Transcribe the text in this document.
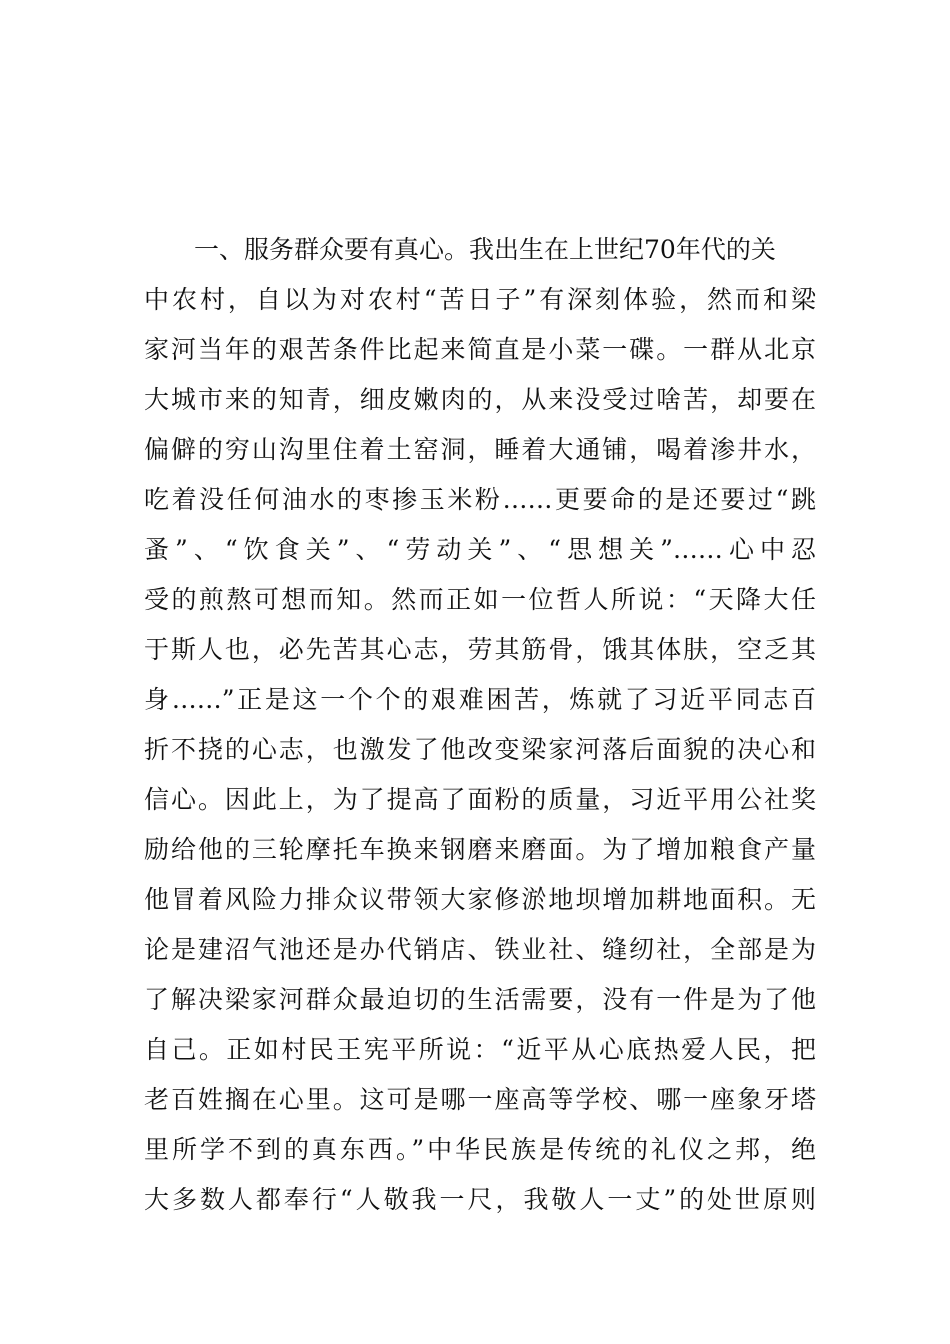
　　一、服务群众要有真心。我出生在上世纪70年代的关
中农村，自以为对农村“苦日子”有深刻体验，然而和梁
家河当年的艰苦条件比起来简直是小菜一碟。一群从北京
大城市来的知青，细皮嫩肉的，从来没受过啥苦，却要在
偏僻的穷山沟里住着土窑洞，睡着大通铺，喝着渗井水，
吃着没任何油水的枣掺玉米粉……更要命的是还要过“跳
蚤”、“饮食关”、“劳动关”、“思想关”……心中忍
受的煎熬可想而知。然而正如一位哲人所说：“天降大任
于斯人也，必先苦其心志，劳其筋骨，饿其体肤，空乏其
身……”正是这一个个的艰难困苦，炼就了习近平同志百
折不挠的心志，也激发了他改变梁家河落后面貌的决心和
信心。因此上，为了提高了面粉的质量，习近平用公社奖
励给他的三轮摩托车换来钢磨来磨面。为了增加粮食产量
他冒着风险力排众议带领大家修淤地坝增加耕地面积。无
论是建沼气池还是办代销店、铁业社、缝纫社，全部是为
了解决梁家河群众最迫切的生活需要，没有一件是为了他
自己。正如村民王宪平所说：“近平从心底热爱人民，把
老百姓搁在心里。这可是哪一座高等学校、哪一座象牙塔
里所学不到的真东西。”中华民族是传统的礼仪之邦，绝
大多数人都奉行“人敬我一尺，我敬人一丈”的处世原则
